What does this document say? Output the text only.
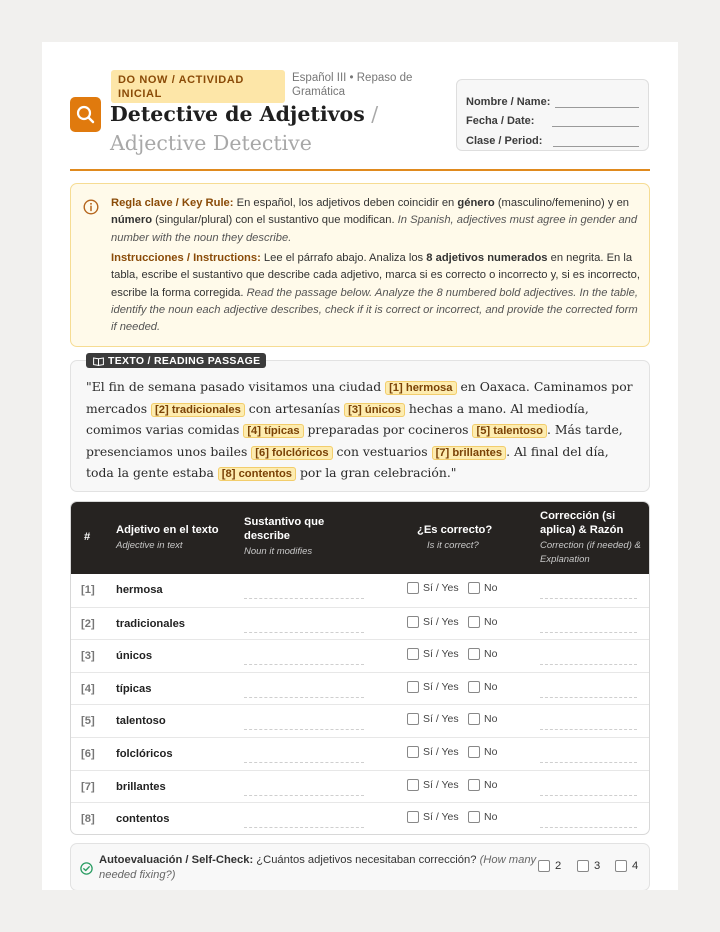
DO NOW / ACTIVIDAD INICIAL
Español III • Repaso de Gramática
Detective de Adjetivos / Adjective Detective
Nombre / Name:
Fecha / Date:
Clase / Period:

Regla clave / Key Rule: En español, los adjetivos deben coincidir en género (masculino/femenino) y en número (singular/plural) con el sustantivo que modifican. In Spanish, adjectives must agree in gender and number with the noun they describe.

Instrucciones / Instructions: Lee el párrafo abajo. Analiza los 8 adjetivos numerados en negrita. En la tabla, escribe el sustantivo que describe cada adjetivo, marca si es correcto o incorrecto y, si es incorrecto, escribe la forma corregida. Read the passage below. Analyze the 8 numbered bold adjectives. In the table, identify the noun each adjective describes, check if it is correct or incorrect, and provide the corrected form if needed.

"El fin de semana pasado visitamos una ciudad [1] hermosa en Oaxaca. Caminamos por mercados [2] tradicionales con artesanías [3] únicos hechas a mano. Al mediodía, comimos varias comidas [4] típicas preparadas por cocineros [5] talentoso . Más tarde, presenciamos unos bailes [6] folclóricos con vestuarios [7] brillantes . Al final del día, toda la gente estaba [8] contentos por la gran celebración."
TEXTO / READING PASSAGE
#
Adjetivo en el texto
Adjective in text
Sustantivo que describe
Noun it modifies
¿Es correcto?
Is it correct?
Corrección (si aplica) & Razón
Correction (if needed) & Explanation
[1] hermosa	Sí / Yes No
[2] tradicionales	Sí / Yes No
[3] únicos	Sí / Yes No
[4] típicas	Sí / Yes No
[5] talentoso	Sí / Yes No
[6] folclóricos	Sí / Yes No
[7] brillantes	Sí / Yes No
[8] contentos	Sí / Yes No
Autoevaluación / Self-Check: ¿Cuántos adjetivos necesitaban corrección? (How many needed fixing?)
2	3	4
